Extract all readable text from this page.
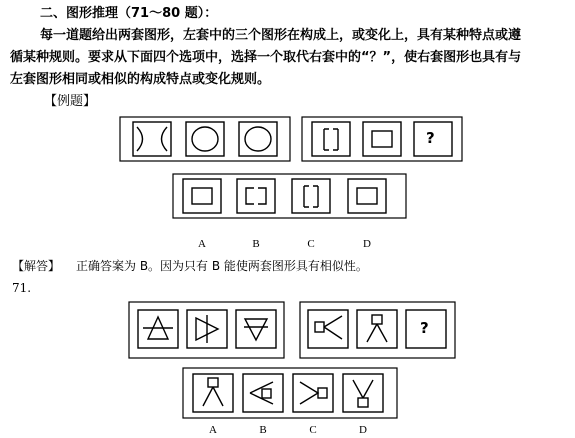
二、图形推理（71～80 题）：
每一道题给出两套图形，左套中的三个图形在构成上，或变化上，具有某种特点或遵
循某种规则。要求从下面四个选项中，选择一个取代右套中的“？”，使右套图形也具有与
左套图形相同或相似的构成特点或变化规则。
【例题】
?
?
A	B	C	D
【解答】 正确答案为 B。因为只有 B 能使两套图形具有相似性。
71.
A	B	C	D
